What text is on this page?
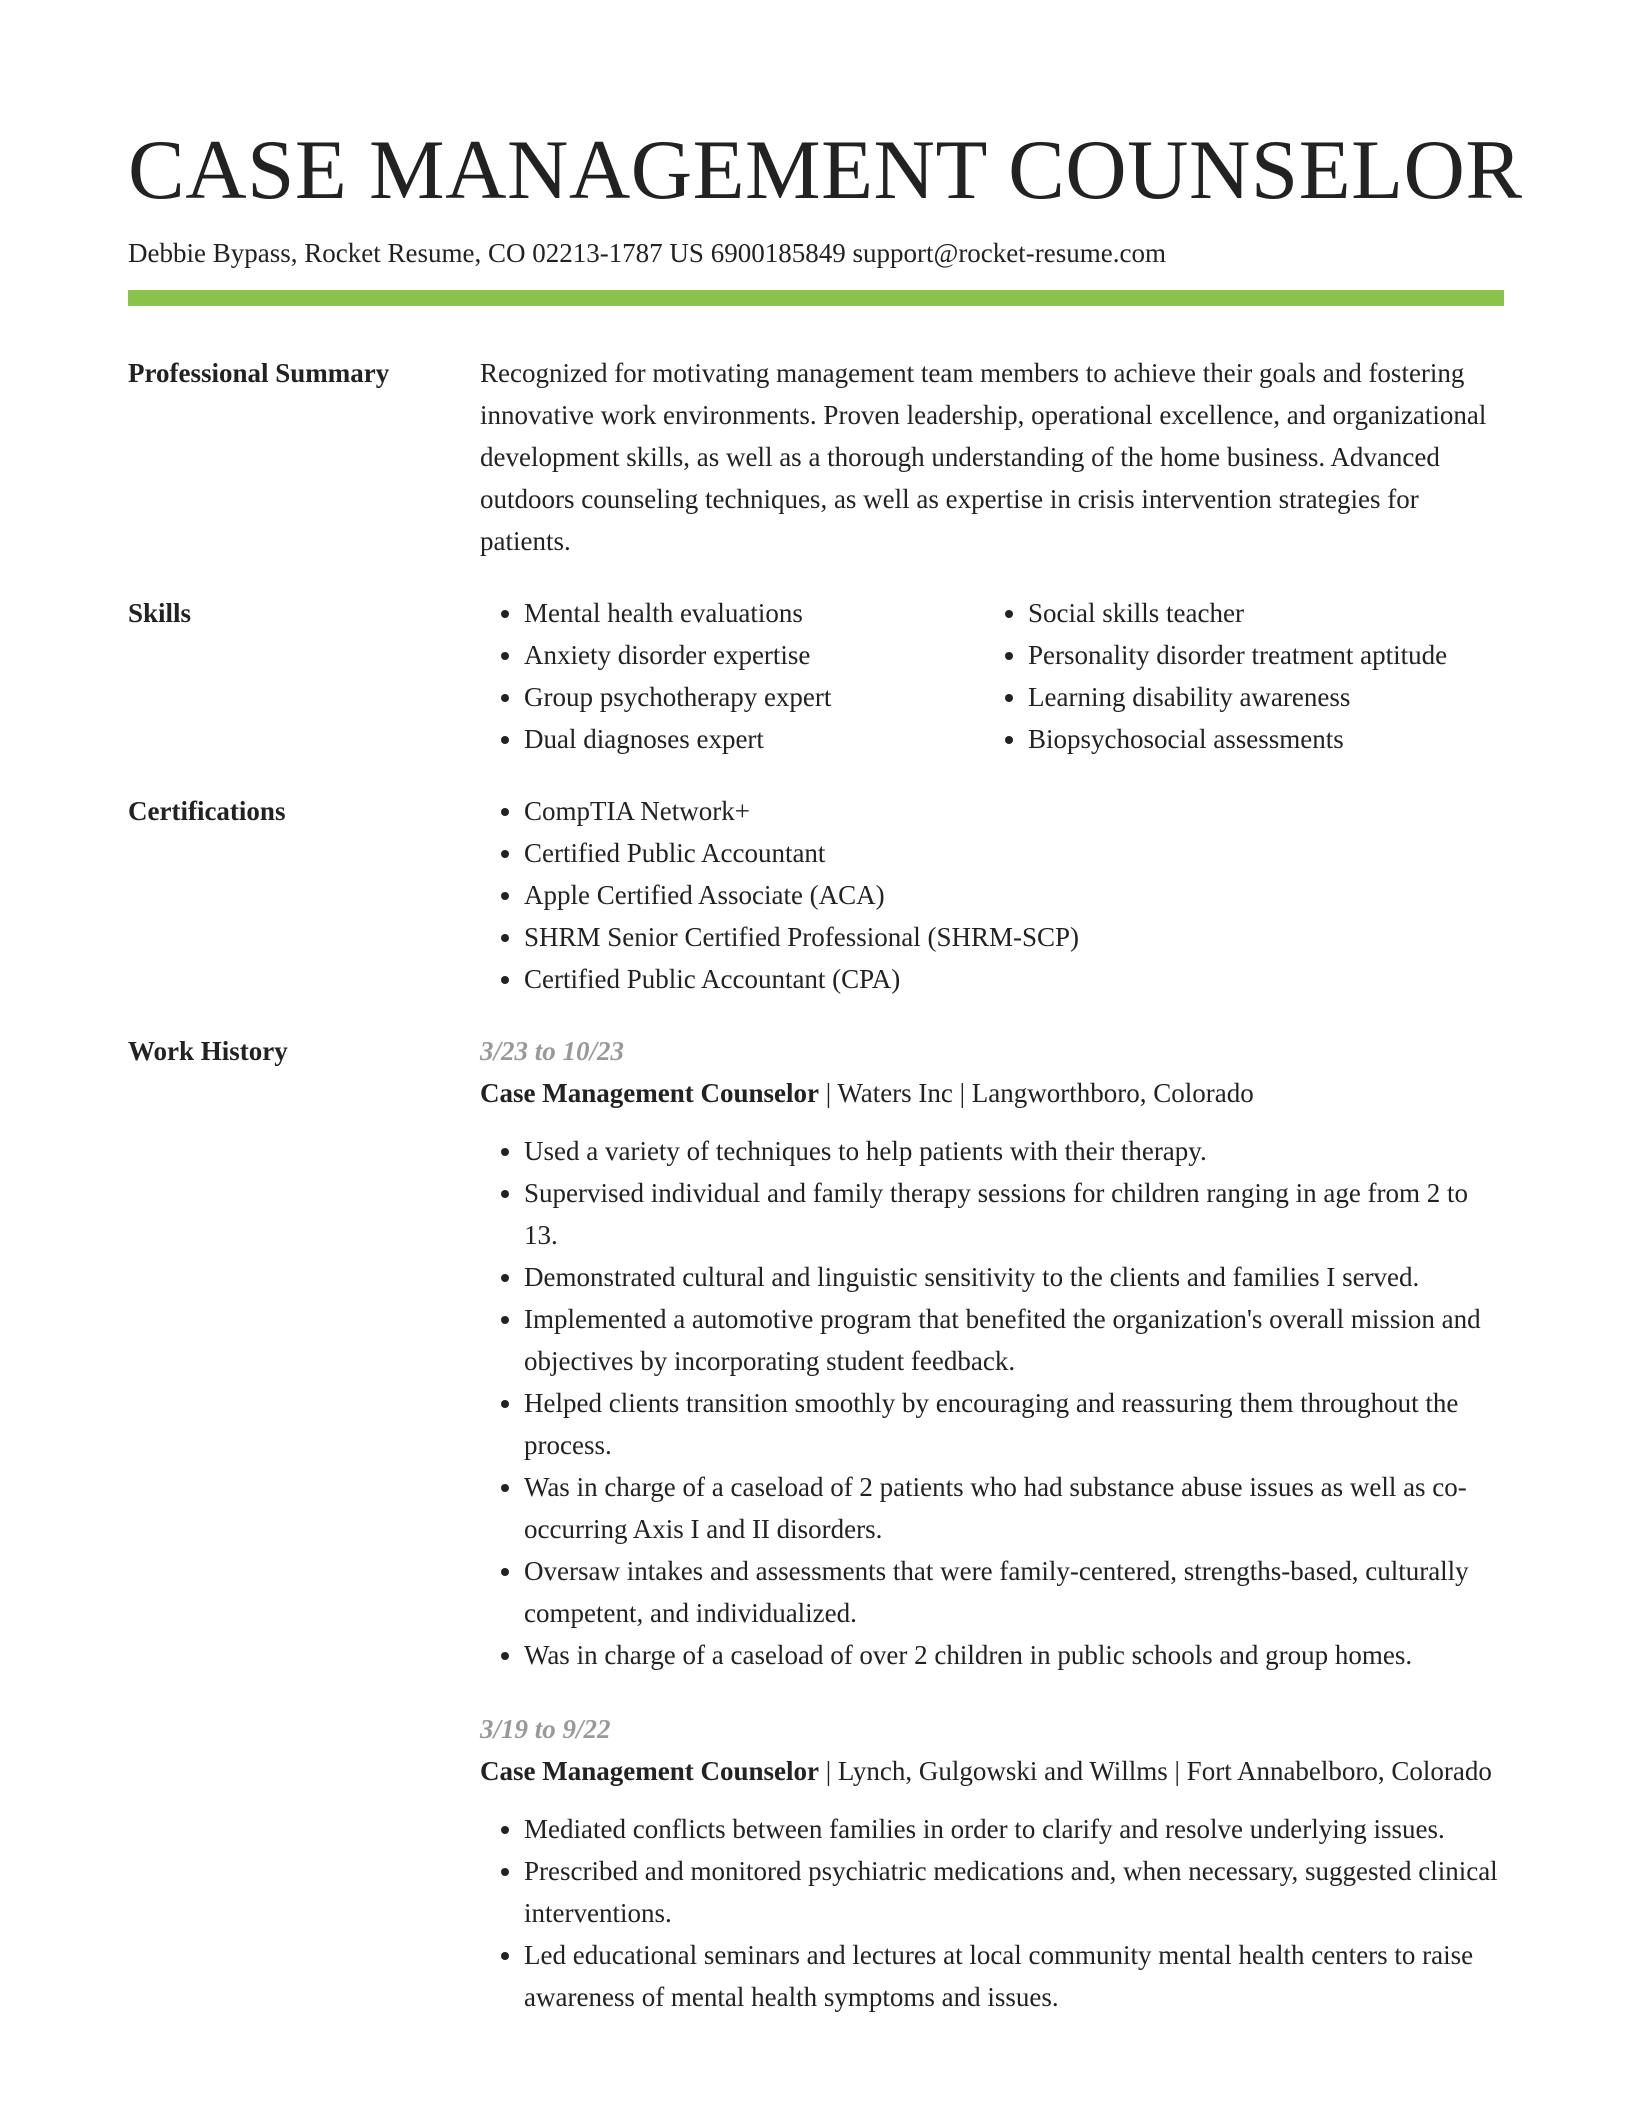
CASE MANAGEMENT COUNSELOR
Debbie Bypass, Rocket Resume, CO 02213-1787 US 6900185849 support@rocket-resume.com
Professional Summary	Recognized for motivating management team members to achieve their goals and fostering innovative work environments. Proven leadership, operational excellence, and organizational development skills, as well as a thorough understanding of the home business. Advanced outdoors counseling techniques, as well as expertise in crisis intervention strategies for patients.

Skills	• Mental health evaluations
• Anxiety disorder expertise
• Group psychotherapy expert
• Dual diagnoses expert
• Social skills teacher
• Personality disorder treatment aptitude
• Learning disability awareness
• Biopsychosocial assessments
Certifications	• CompTIA Network+
• Certified Public Accountant
• Apple Certified Associate (ACA)
• SHRM Senior Certified Professional (SHRM-SCP)
• Certified Public Accountant (CPA)
Work History	3/23 to 10/23
Case Management Counselor | Waters Inc | Langworthboro, Colorado
• Used a variety of techniques to help patients with their therapy.
• Supervised individual and family therapy sessions for children ranging in age from 2 to 13.
• Demonstrated cultural and linguistic sensitivity to the clients and families I served.
• Implemented a automotive program that benefited the organization's overall mission and objectives by incorporating student feedback.
• Helped clients transition smoothly by encouraging and reassuring them throughout the process.
• Was in charge of a caseload of 2 patients who had substance abuse issues as well as co-occurring Axis I and II disorders.
• Oversaw intakes and assessments that were family-centered, strengths-based, culturally competent, and individualized.
• Was in charge of a caseload of over 2 children in public schools and group homes.
3/19 to 9/22
Case Management Counselor | Lynch, Gulgowski and Willms | Fort Annabelboro, Colorado
• Mediated conflicts between families in order to clarify and resolve underlying issues.
• Prescribed and monitored psychiatric medications and, when necessary, suggested clinical interventions.
• Led educational seminars and lectures at local community mental health centers to raise awareness of mental health symptoms and issues.
